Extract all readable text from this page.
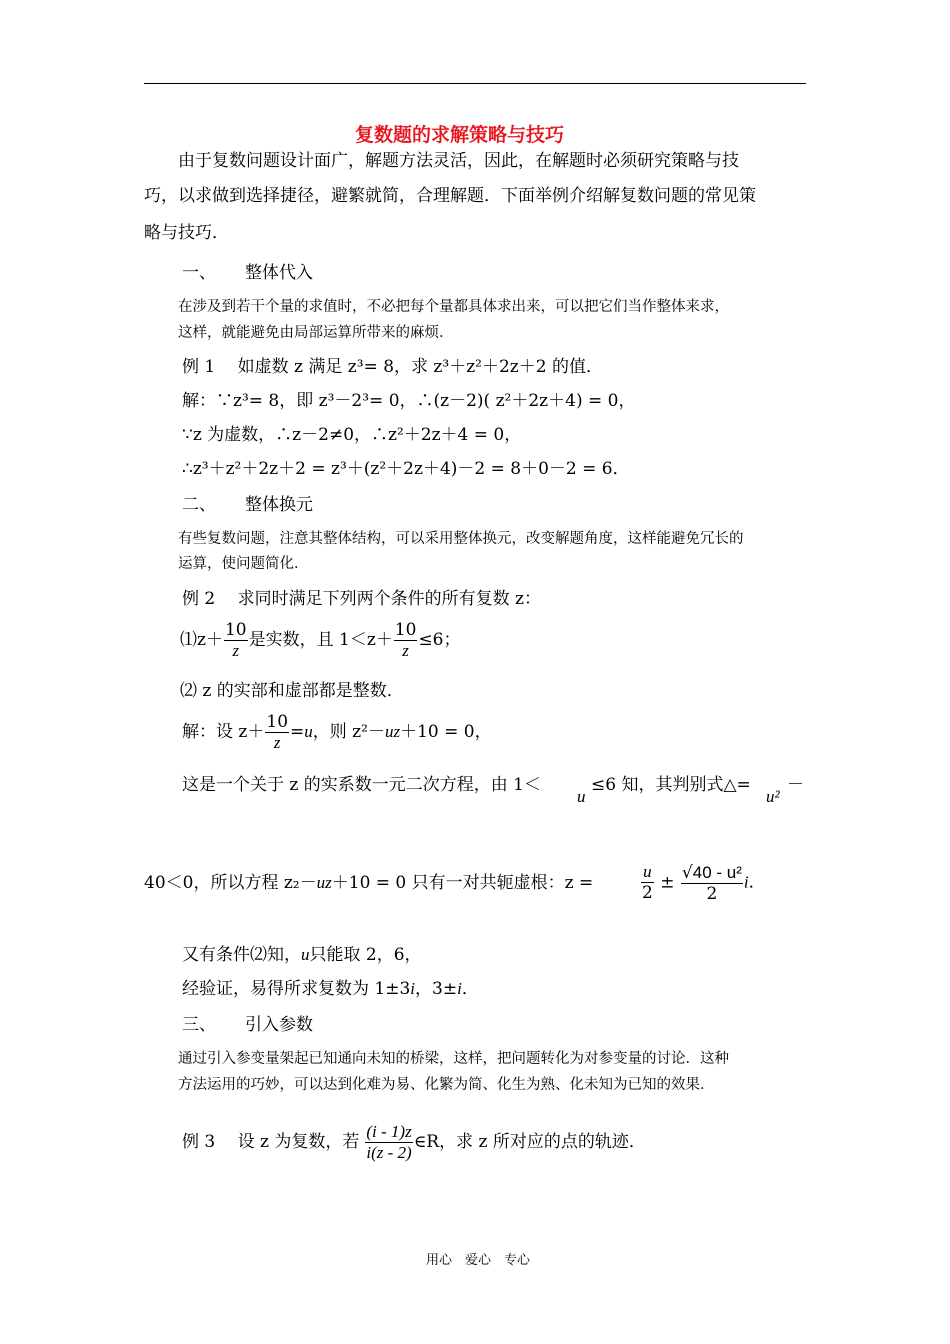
复数题的求解策略与技巧
由于复数问题设计面广，解题方法灵活，因此，在解题时必须研究策略与技
巧，以求做到选择捷径，避繁就简，合理解题．下面举例介绍解复数问题的常见策
略与技巧．
一、 整体代入
在涉及到若干个量的求值时，不必把每个量都具体求出来，可以把它们当作整体来求，
这样，就能避免由局部运算所带来的麻烦．
例 1　 如虚数 z 满足 z³= 8，求 z³＋z²＋2z＋2 的值．
解：∵z³= 8，即 z³－2³= 0，∴(z－2)( z²＋2z＋4) = 0，
∵z 为虚数，∴z－2≠0，∴z²＋2z＋4 = 0，
∴z³＋z²＋2z＋2 = z³＋(z²＋2z＋4)－2 = 8＋0－2 = 6．
二、 整体换元
有些复数问题，注意其整体结构，可以采用整体换元，改变解题角度，这样能避免冗长的
运算，使问题简化．
例 2　 求同时满足下列两个条件的所有复数 z：
⑴z＋ $\frac{10}{z}$ 是实数，且 $1<z+ \frac{10}{z} \le 6$；
⑵ z 的实部和虚部都是整数．
解：设 $z+ \frac{10}{z} =u$，则 z²－uz＋10 = 0，
这是一个关于 z 的实系数一元二次方程，由 1＜
u
≤6 知，其判别式△=
u²
－
40＜0，所以方程 z₂－uz＋10 = 0 只有一对共轭虚根：z =	$\frac{u}{2} \pm \frac{\text{√40 - u²}}{2}$ i．
又有条件⑵知，u只能取 2，6，
经验证，易得所求复数为 1±3i，3±i．
三、 引入参数
通过引入参变量架起已知通向未知的桥梁，这样，把问题转化为对参变量的讨论．这种
方法运用的巧妙，可以达到化难为易、化繁为简、化生为熟、化未知为已知的效果．
例 3　 设 z 为复数，若 $\frac{(i - 1)z}{i(z - 2)}$ ∈R，求 z 所对应的点的轨迹．
用心　爱心　专心
